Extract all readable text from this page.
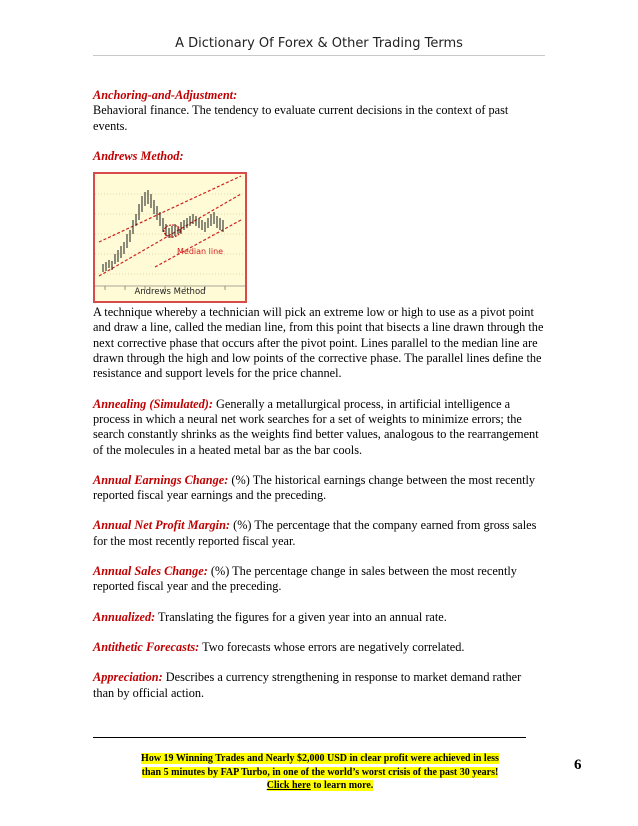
A Dictionary Of Forex & Other Trading Terms
Anchoring-and-Adjustment:
Behavioral finance. The tendency to evaluate current decisions in the context of past events.
Andrews Method:
Median line
Andrews Method
A technique whereby a technician will pick an extreme low or high to use as a pivot point and draw a line, called the median line, from this point that bisects a line drawn through the next corrective phase that occurs after the pivot point. Lines parallel to the median line are drawn through the high and low points of the corrective phase. The parallel lines define the resistance and support levels for the price channel.
Annealing (Simulated): Generally a metallurgical process, in artificial intelligence a process in which a neural net work searches for a set of weights to minimize errors; the search constantly shrinks as the weights find better values, analogous to the rearrangement of the molecules in a heated metal bar as the bar cools.
Annual Earnings Change: (%) The historical earnings change between the most recently reported fiscal year earnings and the preceding.
Annual Net Profit Margin: (%) The percentage that the company earned from gross sales for the most recently reported fiscal year.
Annual Sales Change: (%) The percentage change in sales between the most recently reported fiscal year and the preceding.
Annualized: Translating the figures for a given year into an annual rate.
Antithetic Forecasts: Two forecasts whose errors are negatively correlated.
Appreciation: Describes a currency strengthening in response to market demand rather than by official action.
How 19 Winning Trades and Nearly $2,000 USD in clear profit were achieved in less
than 5 minutes by FAP Turbo, in one of the world’s worst crisis of the past 30 years!
Click here to learn more.
6
